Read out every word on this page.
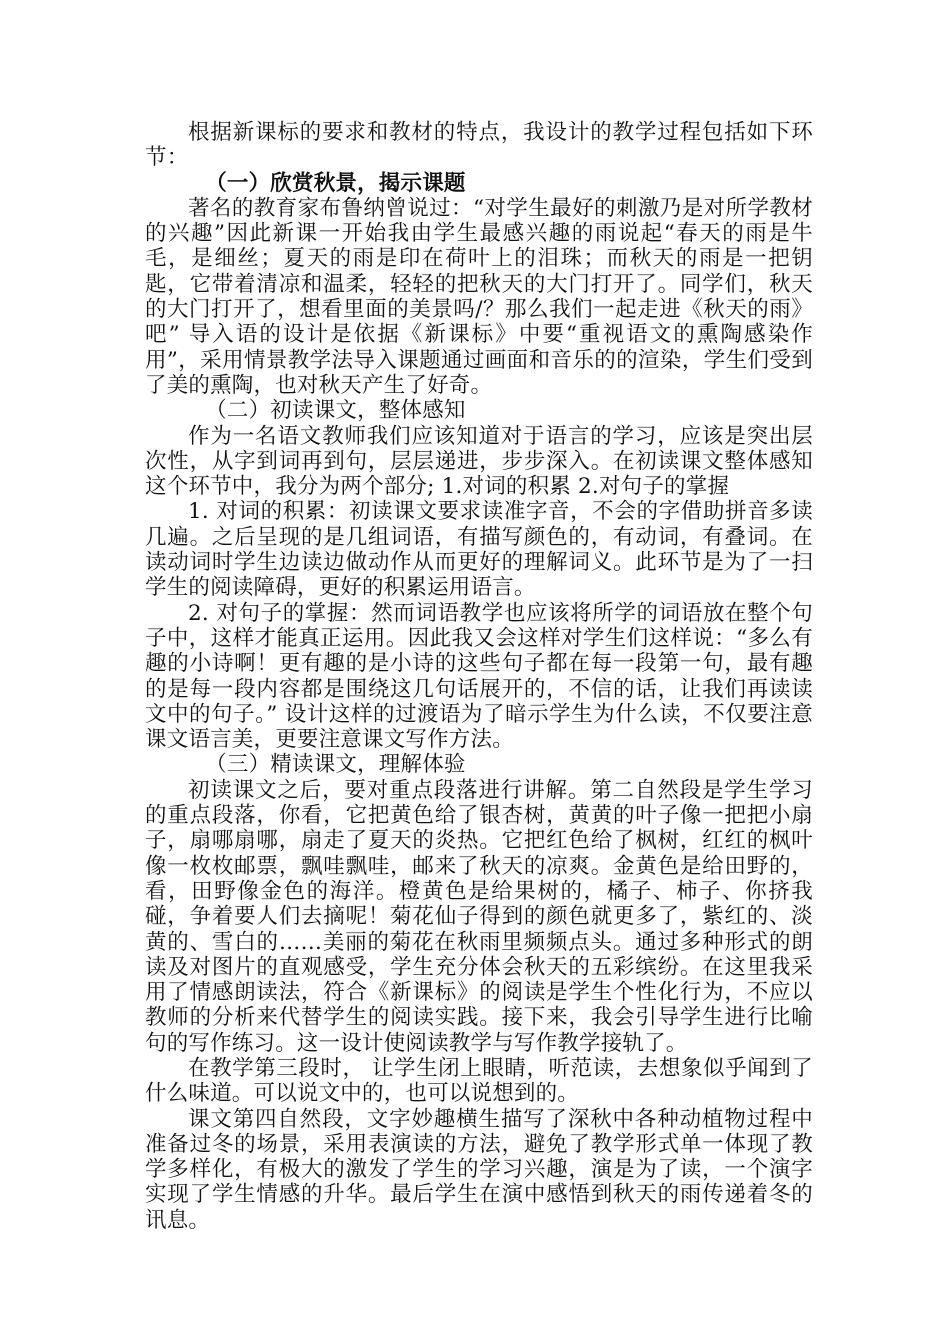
根据新课标的要求和教材的特点，我设计的教学过程包括如下环节：

（一）欣赏秋景，揭示课题

著名的教育家布鲁纳曾说过：“对学生最好的刺激乃是对所学教材的兴趣”因此新课一开始我由学生最感兴趣的雨说起“春天的雨是牛毛，是细丝；夏天的雨是印在荷叶上的泪珠；而秋天的雨是一把钥匙，它带着清凉和温柔，轻轻的把秋天的大门打开了。同学们，秋天的大门打开了，想看里面的美景吗/？那么我们一起走进《秋天的雨》吧” 导入语的设计是依据《新课标》中要“重视语文的熏陶感染作用”，采用情景教学法导入课题通过画面和音乐的的渲染，学生们受到了美的熏陶，也对秋天产生了好奇。

（二）初读课文，整体感知

作为一名语文教师我们应该知道对于语言的学习，应该是突出层次性，从字到词再到句，层层递进，步步深入。在初读课文整体感知这个环节中，我分为两个部分; 1.对词的积累 2.对句子的掌握

1. 对词的积累：初读课文要求读准字音，不会的字借助拼音多读几遍。之后呈现的是几组词语，有描写颜色的，有动词，有叠词。在读动词时学生边读边做动作从而更好的理解词义。此环节是为了一扫学生的阅读障碍，更好的积累运用语言。

2. 对句子的掌握：然而词语教学也应该将所学的词语放在整个句子中，这样才能真正运用。因此我又会这样对学生们这样说：“多么有趣的小诗啊！更有趣的是小诗的这些句子都在每一段第一句，最有趣的是每一段内容都是围绕这几句话展开的，不信的话，让我们再读读文中的句子。” 设计这样的过渡语为了暗示学生为什么读，不仅要注意课文语言美，更要注意课文写作方法。

（三）精读课文，理解体验

初读课文之后，要对重点段落进行讲解。第二自然段是学生学习的重点段落，你看，它把黄色给了银杏树，黄黄的叶子像一把把小扇子，扇哪扇哪，扇走了夏天的炎热。它把红色给了枫树，红红的枫叶像一枚枚邮票，飘哇飘哇，邮来了秋天的凉爽。金黄色是给田野的，看，田野像金色的海洋。橙黄色是给果树的，橘子、柿子、你挤我碰，争着要人们去摘呢！菊花仙子得到的颜色就更多了，紫红的、淡黄的、雪白的……美丽的菊花在秋雨里频频点头。通过多种形式的朗读及对图片的直观感受，学生充分体会秋天的五彩缤纷。在这里我采用了情感朗读法，符合《新课标》的阅读是学生个性化行为，不应以教师的分析来代替学生的阅读实践。接下来，我会引导学生进行比喻句的写作练习。这一设计使阅读教学与写作教学接轨了。

在教学第三段时， 让学生闭上眼睛，听范读，去想象似乎闻到了什么味道。可以说文中的，也可以说想到的。

课文第四自然段，文字妙趣横生描写了深秋中各种动植物过程中准备过冬的场景，采用表演读的方法，避免了教学形式单一体现了教学多样化，有极大的激发了学生的学习兴趣，演是为了读，一个演字实现了学生情感的升华。最后学生在演中感悟到秋天的雨传递着冬的讯息。
